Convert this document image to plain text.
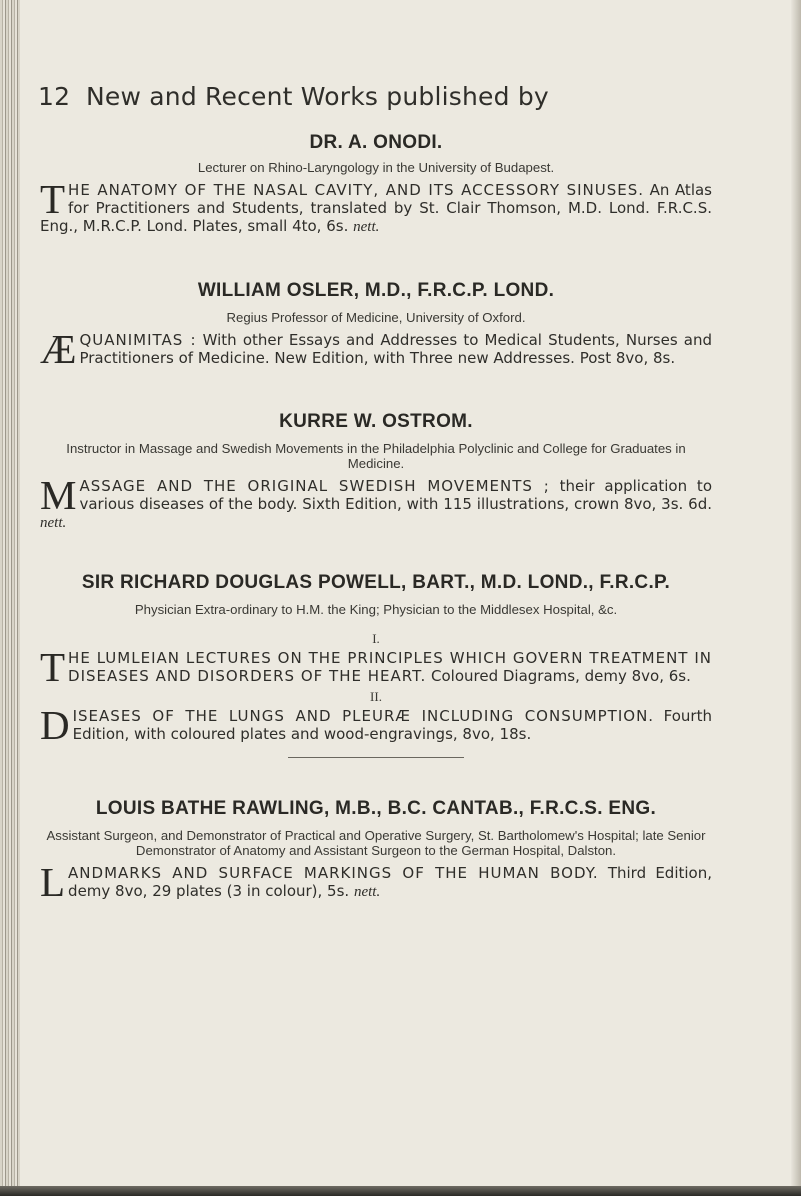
12 New and Recent Works published by

DR. A. ONODI.

Lecturer on Rhino-Laryngology in the University of Budapest.

THE ANATOMY OF THE NASAL CAVITY, AND ITS ACCESSORY SINUSES. An Atlas for Practitioners and Students, translated by St. Clair Thomson, M.D. Lond. F.R.C.S. Eng., M.R.C.P. Lond. Plates, small 4to, 6s. nett.

WILLIAM OSLER, M.D., F.R.C.P. LOND.

Regius Professor of Medicine, University of Oxford.

ÆQUANIMITAS : With other Essays and Addresses to Medical Students, Nurses and Practitioners of Medicine. New Edition, with Three new Addresses. Post 8vo, 8s.

KURRE W. OSTROM.

Instructor in Massage and Swedish Movements in the Philadelphia Polyclinic and College for Graduates in Medicine.

MASSAGE AND THE ORIGINAL SWEDISH MOVEMENTS ; their application to various diseases of the body. Sixth Edition, with 115 illustrations, crown 8vo, 3s. 6d. nett.

SIR RICHARD DOUGLAS POWELL, BART., M.D. LOND., F.R.C.P.

Physician Extra-ordinary to H.M. the King; Physician to the Middlesex Hospital, &c.

I.

THE LUMLEIAN LECTURES ON THE PRINCIPLES WHICH GOVERN TREATMENT IN DISEASES AND DISORDERS OF THE HEART. Coloured Diagrams, demy 8vo, 6s.

II.

DISEASES OF THE LUNGS AND PLEURÆ INCLUDING CONSUMPTION. Fourth Edition, with coloured plates and wood-engravings, 8vo, 18s.

LOUIS BATHE RAWLING, M.B., B.C. CANTAB., F.R.C.S. ENG.

Assistant Surgeon, and Demonstrator of Practical and Operative Surgery, St. Bartholomew's Hospital; late Senior Demonstrator of Anatomy and Assistant Surgeon to the German Hospital, Dalston.

LANDMARKS AND SURFACE MARKINGS OF THE HUMAN BODY. Third Edition, demy 8vo, 29 plates (3 in colour), 5s. nett.
